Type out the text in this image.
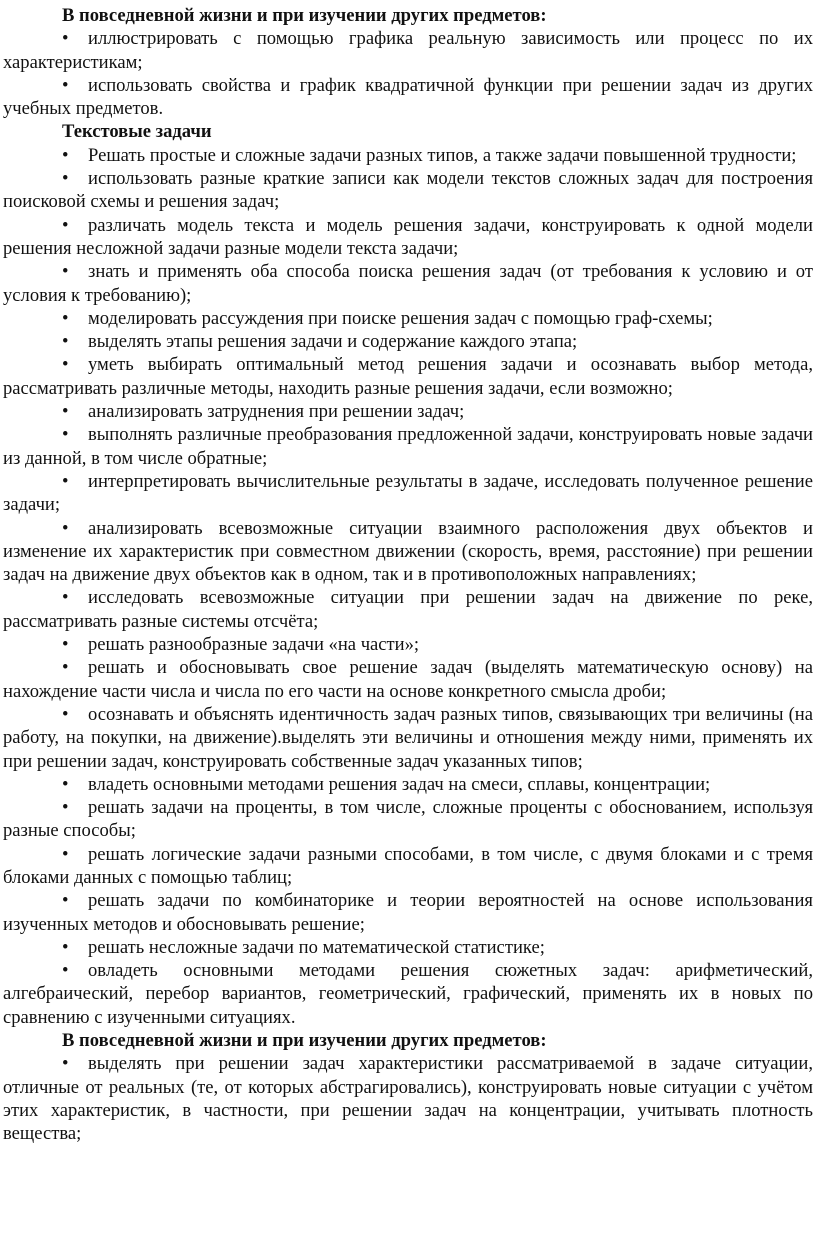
В повседневной жизни и при изучении других предметов:

• иллюстрировать с помощью графика реальную зависимость или процесс по их характеристикам;

• использовать свойства и график квадратичной функции при решении задач из других учебных предметов.

Текстовые задачи

• Решать простые и сложные задачи разных типов, а также задачи повышенной трудности;

• использовать разные краткие записи как модели текстов сложных задач для построения поисковой схемы и решения задач;

• различать модель текста и модель решения задачи, конструировать к одной модели решения несложной задачи разные модели текста задачи;

• знать и применять оба способа поиска решения задач (от требования к условию и от условия к требованию);

• моделировать рассуждения при поиске решения задач с помощью граф-схемы;

• выделять этапы решения задачи и содержание каждого этапа;

• уметь выбирать оптимальный метод решения задачи и осознавать выбор метода, рассматривать различные методы, находить разные решения задачи, если возможно;

• анализировать затруднения при решении задач;

• выполнять различные преобразования предложенной задачи, конструировать новые задачи из данной, в том числе обратные;

• интерпретировать вычислительные результаты в задаче, исследовать полученное решение задачи;

• анализировать всевозможные ситуации взаимного расположения двух объектов и изменение их характеристик при совместном движении (скорость, время, расстояние) при решении задач на движение двух объектов как в одном, так и в противоположных направлениях;

• исследовать всевозможные ситуации при решении задач на движение по реке, рассматривать разные системы отсчёта;

• решать разнообразные задачи «на части»;

• решать и обосновывать свое решение задач (выделять математическую основу) на нахождение части числа и числа по его части на основе конкретного смысла дроби;

• осознавать и объяснять идентичность задач разных типов, связывающих три величины (на работу, на покупки, на движение).выделять эти величины и отношения между ними, применять их при решении задач, конструировать собственные задач указанных типов;

• владеть основными методами решения задач на смеси, сплавы, концентрации;

• решать задачи на проценты, в том числе, сложные проценты с обоснованием, используя разные способы;

• решать логические задачи разными способами, в том числе, с двумя блоками и с тремя блоками данных с помощью таблиц;

• решать задачи по комбинаторике и теории вероятностей на основе использования изученных методов и обосновывать решение;

• решать несложные задачи по математической статистике;

• овладеть основными методами решения сюжетных задач: арифметический, алгебраический, перебор вариантов, геометрический, графический, применять их в новых по сравнению с изученными ситуациях.

В повседневной жизни и при изучении других предметов:

• выделять при решении задач характеристики рассматриваемой в задаче ситуации, отличные от реальных (те, от которых абстрагировались), конструировать новые ситуации с учётом этих характеристик, в частности, при решении задач на концентрации, учитывать плотность вещества;
